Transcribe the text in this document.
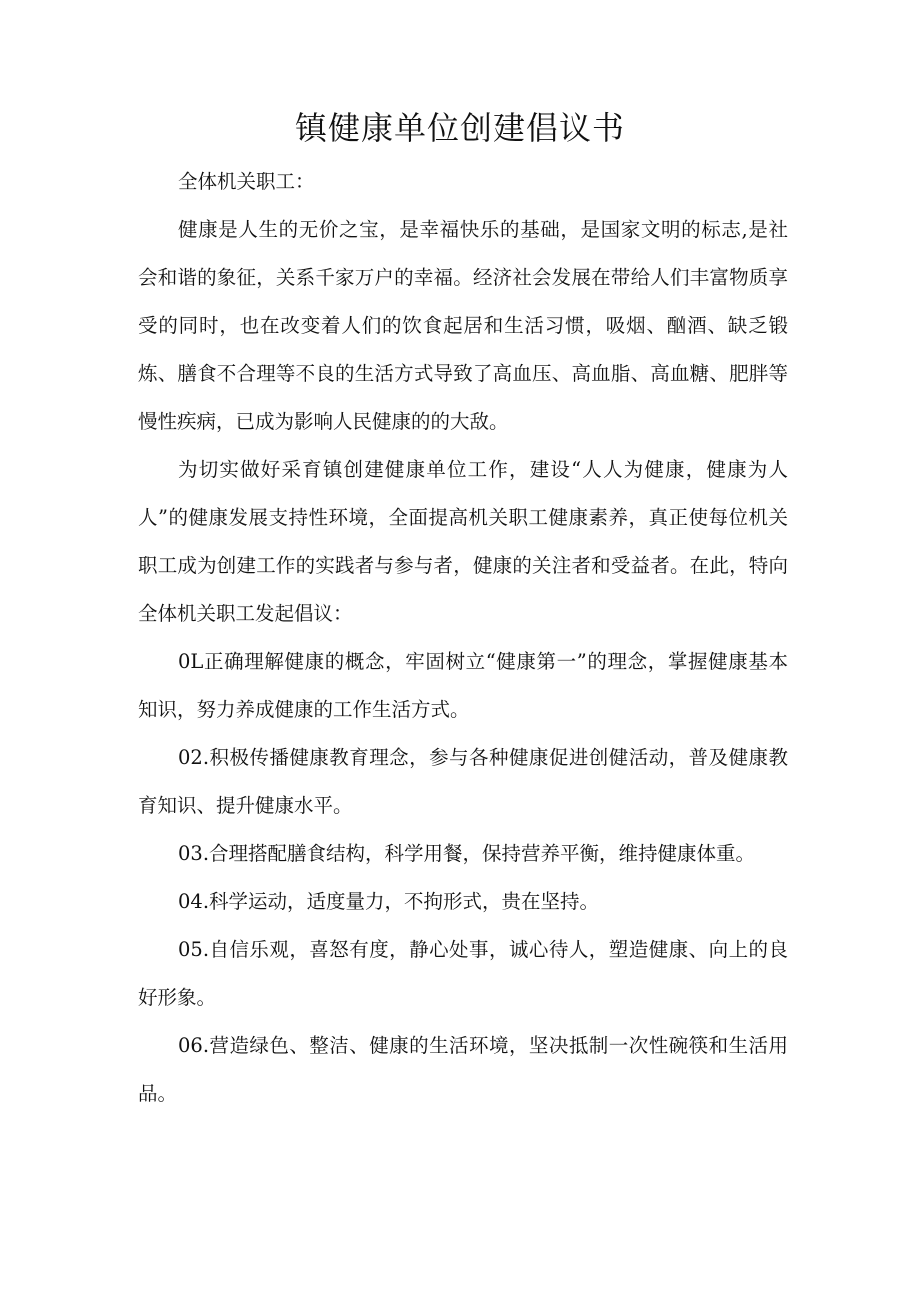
镇健康单位创建倡议书

全体机关职工：

健康是人生的无价之宝，是幸福快乐的基础，是国家文明的标志,是社会和谐的象征，关系千家万户的幸福。经济社会发展在带给人们丰富物质享受的同时，也在改变着人们的饮食起居和生活习惯，吸烟、酗酒、缺乏锻炼、膳食不合理等不良的生活方式导致了高血压、高血脂、高血糖、肥胖等慢性疾病，已成为影响人民健康的的大敌。

为切实做好采育镇创建健康单位工作，建设“人人为健康，健康为人人”的健康发展支持性环境，全面提高机关职工健康素养，真正使每位机关职工成为创建工作的实践者与参与者，健康的关注者和受益者。在此，特向全体机关职工发起倡议：

0L正确理解健康的概念，牢固树立“健康第一”的理念，掌握健康基本知识，努力养成健康的工作生活方式。

02.积极传播健康教育理念，参与各种健康促进创健活动，普及健康教育知识、提升健康水平。

03.合理搭配膳食结构，科学用餐，保持营养平衡，维持健康体重。

04.科学运动，适度量力，不拘形式，贵在坚持。

05.自信乐观，喜怒有度，静心处事，诚心待人，塑造健康、向上的良好形象。

06.营造绿色、整洁、健康的生活环境，坚决抵制一次性碗筷和生活用品。
